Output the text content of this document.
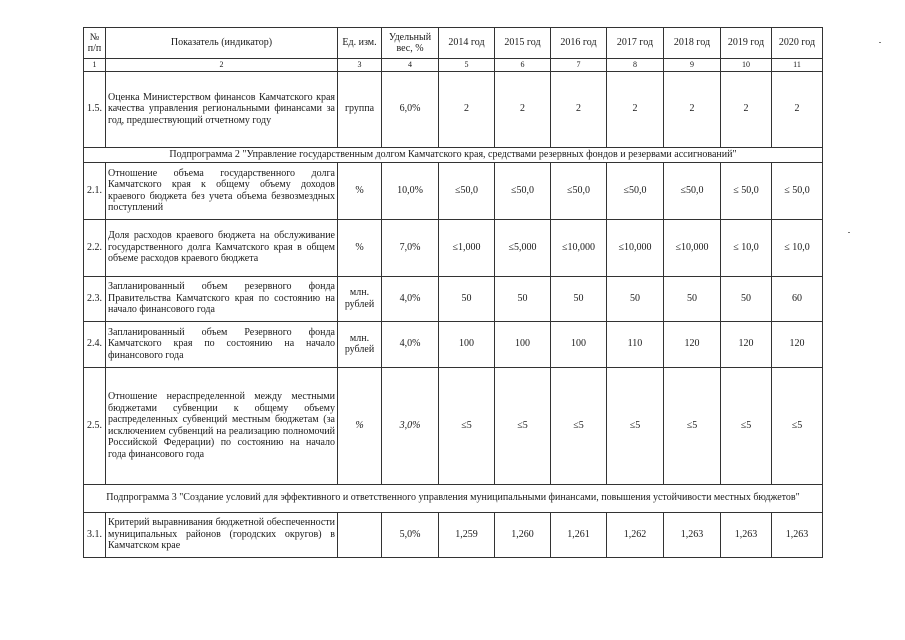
№ п/п	Показатель (индикатор)	Ед. изм.	Удельный вес, %	2014 год	2015 год	2016 год	2017 год	2018 год	2019 год	2020 год
1	2	3	4	5	6	7	8	9	10	11
1.5.	Оценка Министерством финансов Камчатского края качества управления региональными финансами за год, предшествующий отчетному году	группа	6,0%	2	2	2	2	2	2	2
Подпрограмма 2 "Управление государственным долгом Камчатского края, средствами резервных фондов и резервами ассигнований"										
2.1.	Отношение объема государственного долга Камчатского края к общему объему доходов краевого бюджета без учета объема безвозмездных поступлений	%	10,0%	≤50,0	≤50,0	≤50,0	≤50,0	≤50,0	≤ 50,0	≤ 50,0
2.2.	Доля расходов краевого бюджета на обслуживание государственного долга Камчатского края в общем объеме расходов краевого бюджета	%	7,0%	≤1,000	≤5,000	≤10,000	≤10,000	≤10,000	≤ 10,0	≤ 10,0
2.3.	Запланированный объем резервного фонда Правительства Камчатского края по состоянию на начало финансового года	млн. рублей	4,0%	50	50	50	50	50	50	60
2.4.	Запланированный объем Резервного фонда Камчатского края по состоянию на начало финансового года	млн. рублей	4,0%	100	100	100	110	120	120	120
2.5.	Отношение нераспределенной между местными бюджетами субвенции к общему объему распределенных субвенций местным бюджетам (за исключением субвенций на реализацию полномочий Российской Федерации) по состоянию на начало года финансового года	%	3,0%	≤5	≤5	≤5	≤5	≤5	≤5	≤5
Подпрограмма 3 "Создание условий для эффективного и ответственного управления муниципальными финансами, повышения устойчивости местных бюджетов"										
3.1.	Критерий выравнивания бюджетной обеспеченности муниципальных районов (городских округов) в Камчатском крае		5,0%	1,259	1,260	1,261	1,262	1,263	1,263	1,263
